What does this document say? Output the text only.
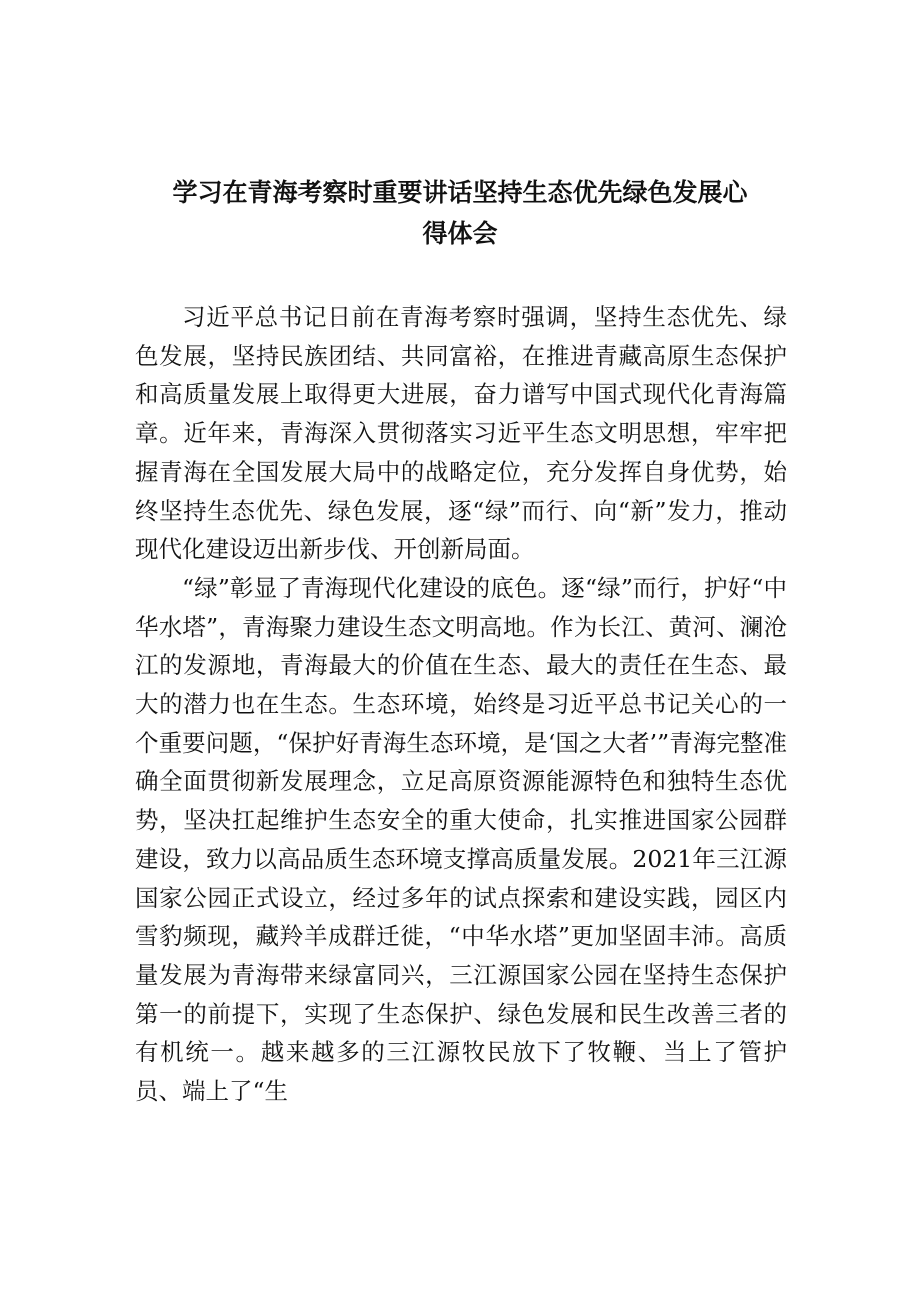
学习在青海考察时重要讲话坚持生态优先绿色发展心
得体会

习近平总书记日前在青海考察时强调，坚持生态优先、绿色发展，坚持民族团结、共同富裕，在推进青藏高原生态保护和高质量发展上取得更大进展，奋力谱写中国式现代化青海篇章。近年来，青海深入贯彻落实习近平生态文明思想，牢牢把握青海在全国发展大局中的战略定位，充分发挥自身优势，始终坚持生态优先、绿色发展，逐“绿”而行、向“新”发力，推动现代化建设迈出新步伐、开创新局面。

“绿”彰显了青海现代化建设的底色。逐“绿”而行，护好“中华水塔”，青海聚力建设生态文明高地。作为长江、黄河、澜沧江的发源地，青海最大的价值在生态、最大的责任在生态、最大的潜力也在生态。生态环境，始终是习近平总书记关心的一个重要问题，“保护好青海生态环境，是‘国之大者’”青海完整准确全面贯彻新发展理念，立足高原资源能源特色和独特生态优势，坚决扛起维护生态安全的重大使命，扎实推进国家公园群建设，致力以高品质生态环境支撑高质量发展。2021年三江源国家公园正式设立，经过多年的试点探索和建设实践，园区内雪豹频现，藏羚羊成群迁徙，“中华水塔”更加坚固丰沛。高质量发展为青海带来绿富同兴，三江源国家公园在坚持生态保护第一的前提下，实现了生态保护、绿色发展和民生改善三者的有机统一。越来越多的三江源牧民放下了牧鞭、当上了管护员、端上了“生
